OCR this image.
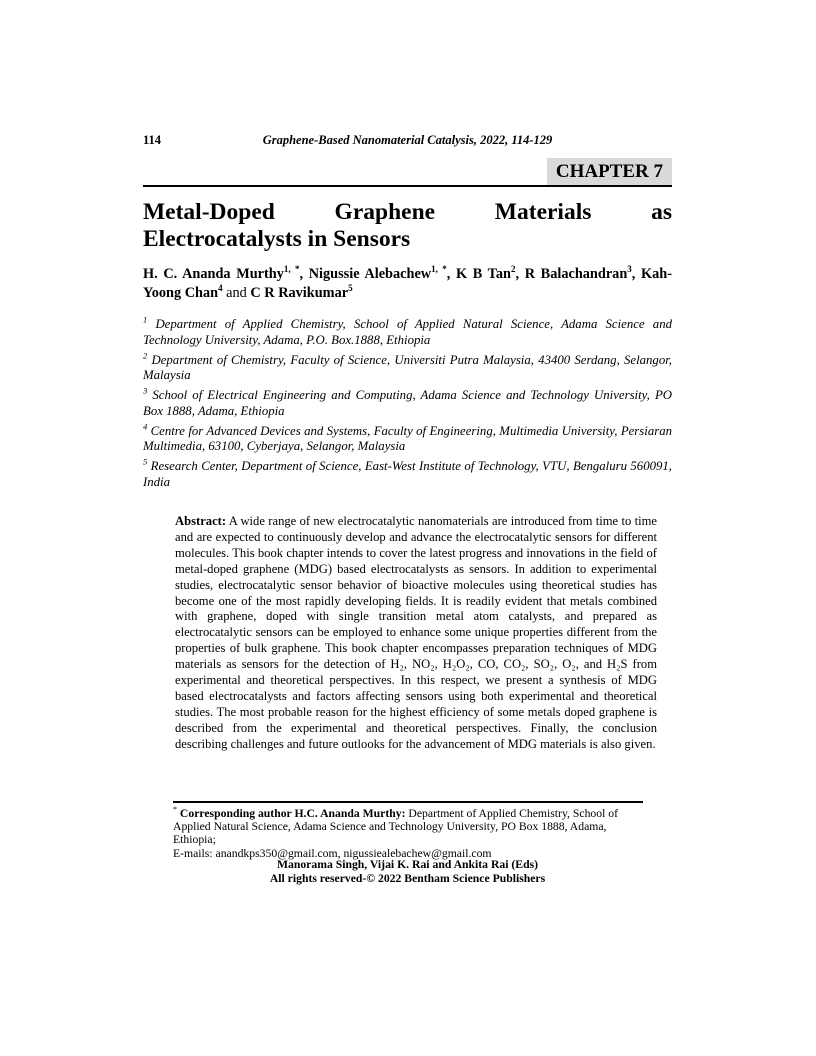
114	Graphene-Based Nanomaterial Catalysis, 2022, 114-129
CHAPTER 7
Metal-Doped Graphene Materials as
Electrocatalysts in Sensors

H. C. Ananda Murthy$^{1, *}$, Nigussie Alebachew$^{1, *}$, K B Tan$^2$, R Balachandran$^3$, Kah-Yoong Chan$^4$ and C R Ravikumar$^5$

$^1$ Department of Applied Chemistry, School of Applied Natural Science, Adama Science and Technology University, Adama, P.O. Box.1888, Ethiopia

$^2$ Department of Chemistry, Faculty of Science, Universiti Putra Malaysia, 43400 Serdang, Selangor, Malaysia

$^3$ School of Electrical Engineering and Computing, Adama Science and Technology University, PO Box 1888, Adama, Ethiopia

$^4$ Centre for Advanced Devices and Systems, Faculty of Engineering, Multimedia University, Persiaran Multimedia, 63100, Cyberjaya, Selangor, Malaysia

$^5$ Research Center, Department of Science, East-West Institute of Technology, VTU, Bengaluru 560091, India

Abstract: A wide range of new electrocatalytic nanomaterials are introduced from time to time and are expected to continuously develop and advance the electrocatalytic sensors for different molecules. This book chapter intends to cover the latest progress and innovations in the field of metal-doped graphene (MDG) based electrocatalysts as sensors. In addition to experimental studies, electrocatalytic sensor behavior of bioactive molecules using theoretical studies has become one of the most rapidly developing fields. It is readily evident that metals combined with graphene, doped with single transition metal atom catalysts, and prepared as electrocatalytic sensors can be employed to enhance some unique properties different from the properties of bulk graphene. This book chapter encompasses preparation techniques of MDG materials as sensors for the detection of H₂, NO₂, H₂O₂, CO, CO₂, SO₂, O₂, and H₂S from experimental and theoretical perspectives. In this respect, we present a synthesis of MDG based electrocatalysts and factors affecting sensors using both experimental and theoretical studies. The most probable reason for the highest efficiency of some metals doped graphene is described from the experimental and theoretical perspectives. Finally, the conclusion describing challenges and future outlooks for the advancement of MDG materials is also given.

* Corresponding author H.C. Ananda Murthy: Department of Applied Chemistry, School of Applied Natural Science, Adama Science and Technology University, PO Box 1888, Adama, Ethiopia;
E-mails: anandkps350@gmail.com, nigussiealebachew@gmail.com
Manorama Singh, Vijai K. Rai and Ankita Rai (Eds)
All rights reserved-© 2022 Bentham Science Publishers
